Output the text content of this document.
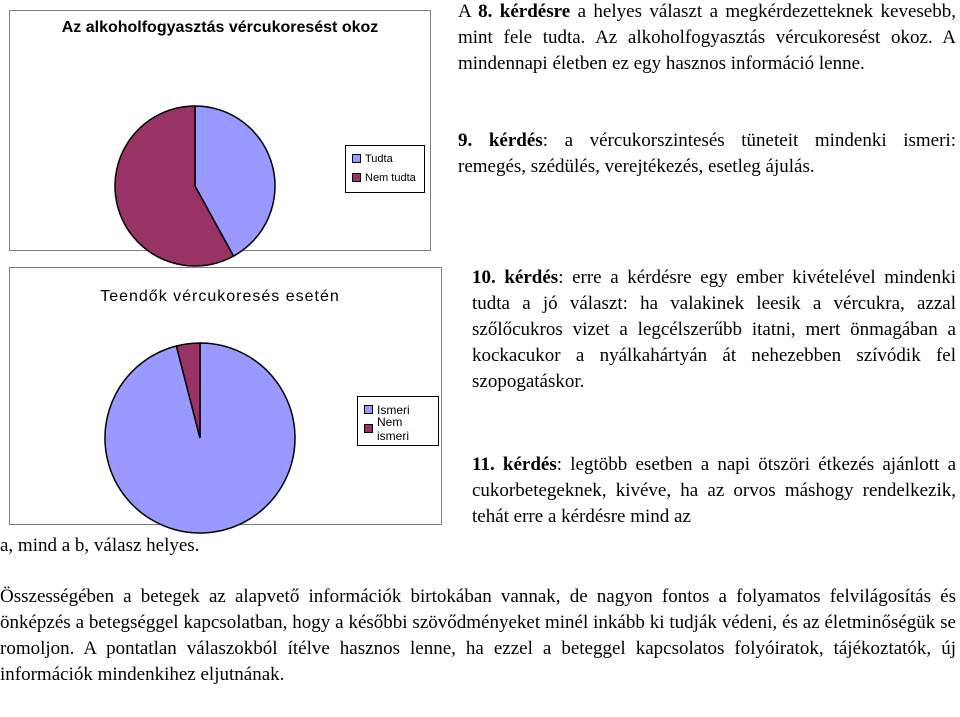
Az alkoholfogyasztás vércukoresést okoz
Tudta
Nem tudta
Teendők vércukoresés esetén
Ismeri
Nem ismeri

A 8. kérdésre a helyes választ a megkérdezetteknek kevesebb, mint fele tudta. Az alkoholfogyasztás vércukoresést okoz. A mindennapi életben ez egy hasznos információ lenne.

9. kérdés: a vércukorszintesés tüneteit mindenki ismeri: remegés, szédülés, verejtékezés, esetleg ájulás.

10. kérdés: erre a kérdésre egy ember kivételével mindenki tudta a jó választ: ha valakinek leesik a vércukra, azzal szőlőcukros vizet a legcélszerűbb itatni, mert önmagában a kockacukor a nyálkahártyán át nehezebben szívódik fel szopogatáskor.

11. kérdés: legtöbb esetben a napi ötszöri étkezés ajánlott a cukorbetegeknek, kivéve, ha az orvos máshogy rendelkezik, tehát erre a kérdésre mind az

a, mind a b, válasz helyes.

Összességében a betegek az alapvető információk birtokában vannak, de nagyon fontos a folyamatos felvilágosítás és önképzés a betegséggel kapcsolatban, hogy a későbbi szövődményeket minél inkább ki tudják védeni, és az életminőségük se romoljon. A pontatlan válaszokból ítélve hasznos lenne, ha ezzel a beteggel kapcsolatos folyóiratok, tájékoztatók, új információk mindenkihez eljutnának.
